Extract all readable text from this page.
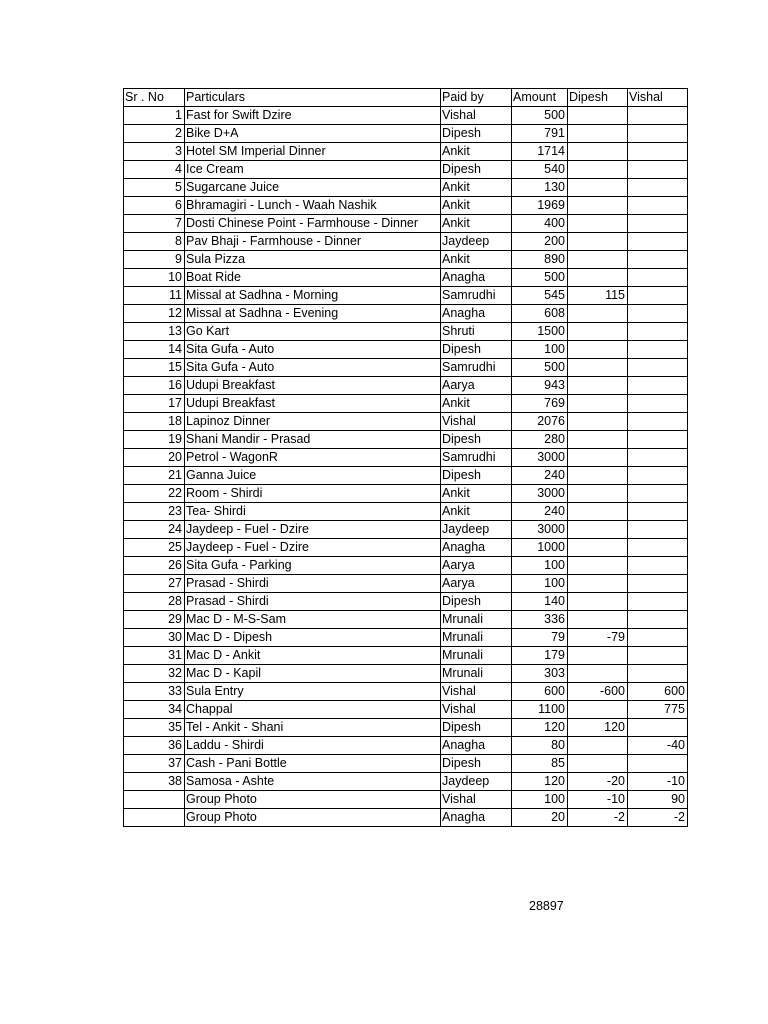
Sr . No	Particulars	Paid by	Amount	Dipesh	Vishal
1	Fast for Swift Dzire	Vishal	500		
2	Bike D+A	Dipesh	791		
3	Hotel SM Imperial Dinner	Ankit	1714		
4	Ice Cream	Dipesh	540		
5	Sugarcane Juice	Ankit	130		
6	Bhramagiri - Lunch - Waah Nashik	Ankit	1969		
7	Dosti Chinese Point - Farmhouse - Dinner	Ankit	400		
8	Pav Bhaji - Farmhouse - Dinner	Jaydeep	200		
9	Sula Pizza	Ankit	890		
10	Boat Ride	Anagha	500		
11	Missal at Sadhna - Morning	Samrudhi	545	115	
12	Missal at Sadhna - Evening	Anagha	608		
13	Go Kart	Shruti	1500		
14	Sita Gufa - Auto	Dipesh	100		
15	Sita Gufa - Auto	Samrudhi	500		
16	Udupi Breakfast	Aarya	943		
17	Udupi Breakfast	Ankit	769		
18	Lapinoz Dinner	Vishal	2076		
19	Shani Mandir - Prasad	Dipesh	280		
20	Petrol - WagonR	Samrudhi	3000		
21	Ganna Juice	Dipesh	240		
22	Room - Shirdi	Ankit	3000		
23	Tea- Shirdi	Ankit	240		
24	Jaydeep - Fuel - Dzire	Jaydeep	3000		
25	Jaydeep - Fuel - Dzire	Anagha	1000		
26	Sita Gufa - Parking	Aarya	100		
27	Prasad - Shirdi	Aarya	100		
28	Prasad - Shirdi	Dipesh	140		
29	Mac D - M-S-Sam	Mrunali	336		
30	Mac D - Dipesh	Mrunali	79	-79	
31	Mac D - Ankit	Mrunali	179		
32	Mac D - Kapil	Mrunali	303		
33	Sula Entry	Vishal	600	-600	600
34	Chappal	Vishal	1100		775
35	Tel - Ankit - Shani	Dipesh	120	120	
36	Laddu - Shirdi	Anagha	80		-40
37	Cash - Pani Bottle	Dipesh	85		
38	Samosa - Ashte	Jaydeep	120	-20	-10
	Group Photo	Vishal	100	-10	90
	Group Photo	Anagha	20	-2	-2
28897
